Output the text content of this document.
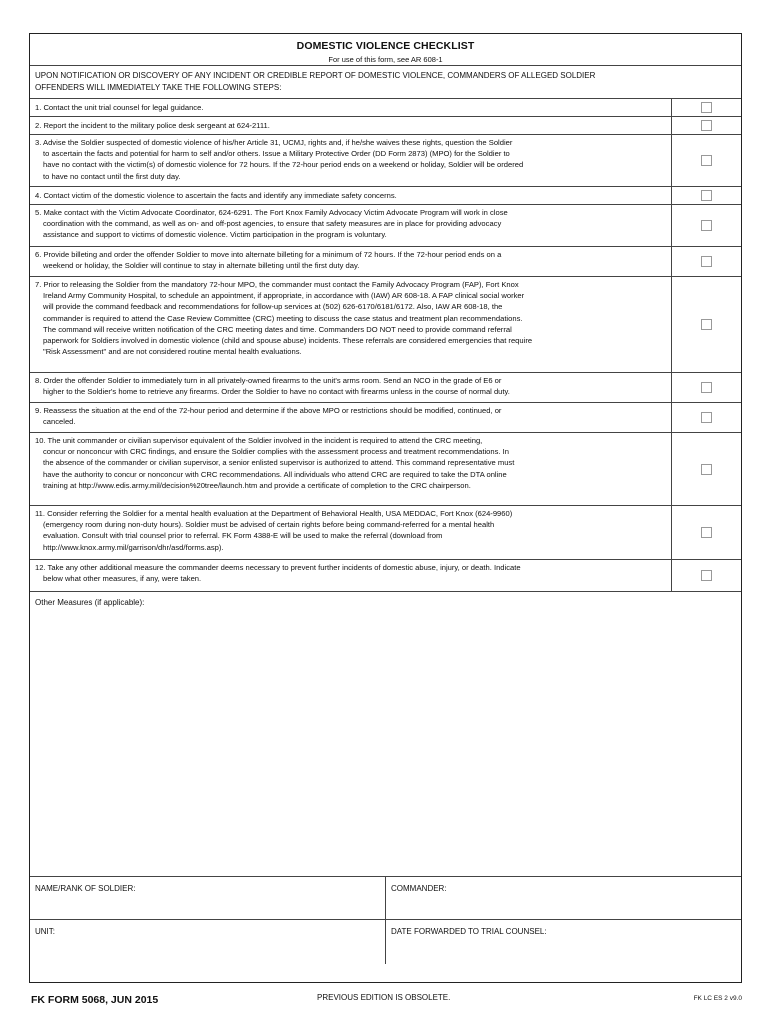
DOMESTIC VIOLENCE CHECKLIST
For use of this form, see AR 608-1
UPON NOTIFICATION OR DISCOVERY OF ANY INCIDENT OR CREDIBLE REPORT OF DOMESTIC VIOLENCE, COMMANDERS OF ALLEGED SOLDIER
OFFENDERS WILL IMMEDIATELY TAKE THE FOLLOWING STEPS:
1. Contact the unit trial counsel for legal guidance.
2. Report the incident to the military police desk sergeant at 624-2111.
3. Advise the Soldier suspected of domestic violence of his/her Article 31, UCMJ, rights and, if he/she waives these rights, question the Soldier
to ascertain the facts and potential for harm to self and/or others. Issue a Military Protective Order (DD Form 2873) (MPO) for the Soldier to
have no contact with the victim(s) of domestic violence for 72 hours. If the 72-hour period ends on a weekend or holiday, Soldier will be ordered
to have no contact until the first duty day.
4. Contact victim of the domestic violence to ascertain the facts and identify any immediate safety concerns.
5. Make contact with the Victim Advocate Coordinator, 624-6291. The Fort Knox Family Advocacy Victim Advocate Program will work in close
coordination with the command, as well as on- and off-post agencies, to ensure that safety measures are in place for providing advocacy
assistance and support to victims of domestic violence. Victim participation in the program is voluntary.
6. Provide billeting and order the offender Soldier to move into alternate billeting for a minimum of 72 hours. If the 72-hour period ends on a
weekend or holiday, the Soldier will continue to stay in alternate billeting until the first duty day.
7. Prior to releasing the Soldier from the mandatory 72-hour MPO, the commander must contact the Family Advocacy Program (FAP), Fort Knox
Ireland Army Community Hospital, to schedule an appointment, if appropriate, in accordance with (IAW) AR 608-18. A FAP clinical social worker
will provide the command feedback and recommendations for follow-up services at (502) 626-6170/6181/6172. Also, IAW AR 608-18, the
commander is required to attend the Case Review Committee (CRC) meeting to discuss the case status and treatment plan recommendations.
The command will receive written notification of the CRC meeting dates and time. Commanders DO NOT need to provide command referral
paperwork for Soldiers involved in domestic violence (child and spouse abuse) incidents. These referrals are considered emergencies that require
"Risk Assessment" and are not considered routine mental health evaluations.
8. Order the offender Soldier to immediately turn in all privately-owned firearms to the unit's arms room. Send an NCO in the grade of E6 or
higher to the Soldier's home to retrieve any firearms. Order the Soldier to have no contact with firearms unless in the course of normal duty.
9. Reassess the situation at the end of the 72-hour period and determine if the above MPO or restrictions should be modified, continued, or
canceled.
10. The unit commander or civilian supervisor equivalent of the Soldier involved in the incident is required to attend the CRC meeting,
concur or nonconcur with CRC findings, and ensure the Soldier complies with the assessment process and treatment recommendations. In
the absence of the commander or civilian supervisor, a senior enlisted supervisor is authorized to attend. This command representative must
have the authority to concur or nonconcur with CRC recommendations. All individuals who attend CRC are required to take the DTA online
training at http://www.edis.army.mil/decision%20tree/launch.htm and provide a certificate of completion to the CRC chairperson.
11. Consider referring the Soldier for a mental health evaluation at the Department of Behavioral Health, USA MEDDAC, Fort Knox (624-9960)
(emergency room during non-duty hours). Soldier must be advised of certain rights before being command-referred for a mental health
evaluation. Consult with trial counsel prior to referral. FK Form 4388-E will be used to make the referral (download from
http://www.knox.army.mil/garrison/dhr/asd/forms.asp).
12. Take any other additional measure the commander deems necessary to prevent further incidents of domestic abuse, injury, or death. Indicate
below what other measures, if any, were taken.
Other Measures (if applicable):
NAME/RANK OF SOLDIER:	COMMANDER:
UNIT:	DATE FORWARDED TO TRIAL COUNSEL:
FK FORM 5068, JUN 2015	PREVIOUS EDITION IS OBSOLETE.	FK LC ES 2 v9.0
